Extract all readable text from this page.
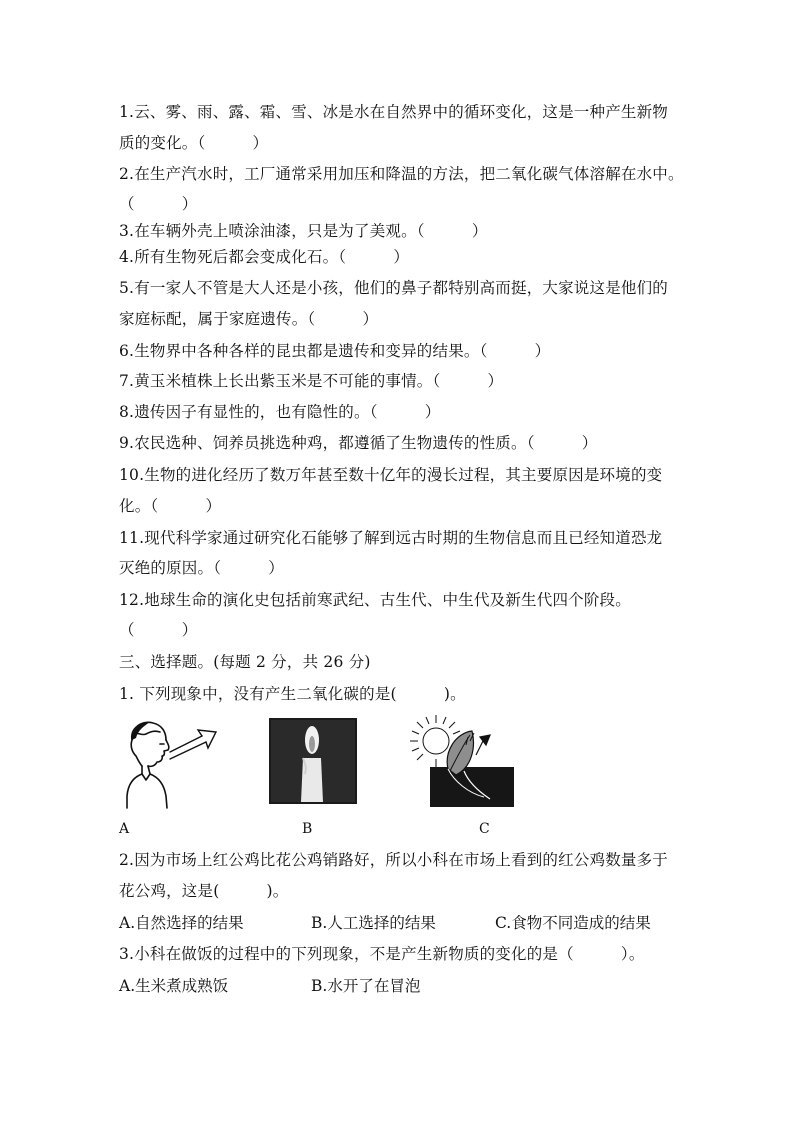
1.云、雾、雨、露、霜、雪、冰是水在自然界中的循环变化，这是一种产生新物
质的变化。（　　　）
2.在生产汽水时，工厂通常采用加压和降温的方法，把二氧化碳气体溶解在水中。
（　　　）
3.在车辆外壳上喷涂油漆，只是为了美观。（　　　）
4.所有生物死后都会变成化石。（　　　）
5.有一家人不管是大人还是小孩，他们的鼻子都特别高而挺，大家说这是他们的
家庭标配，属于家庭遗传。（　　　）
6.生物界中各种各样的昆虫都是遗传和变异的结果。（　　　）
7.黄玉米植株上长出紫玉米是不可能的事情。（　　　）
8.遗传因子有显性的，也有隐性的。（　　　）
9.农民选种、饲养员挑选种鸡，都遵循了生物遗传的性质。（　　　）
10.生物的进化经历了数万年甚至数十亿年的漫长过程，其主要原因是环境的变
化。（　　　）
11.现代科学家通过研究化石能够了解到远古时期的生物信息而且已经知道恐龙
灭绝的原因。（　　　）
12.地球生命的演化史包括前寒武纪、古生代、中生代及新生代四个阶段。
（　　　）
三、选择题。(每题 2 分，共 26 分)
1. 下列现象中，没有产生二氧化碳的是(　　　)。
A	B	C
2.因为市场上红公鸡比花公鸡销路好，所以小科在市场上看到的红公鸡数量多于
花公鸡，这是(　　　)。
A.自然选择的结果	B.人工选择的结果	C.食物不同造成的结果
3.小科在做饭的过程中的下列现象，不是产生新物质的变化的是（　　　）。
A.生米煮成熟饭	B.水开了在冒泡
